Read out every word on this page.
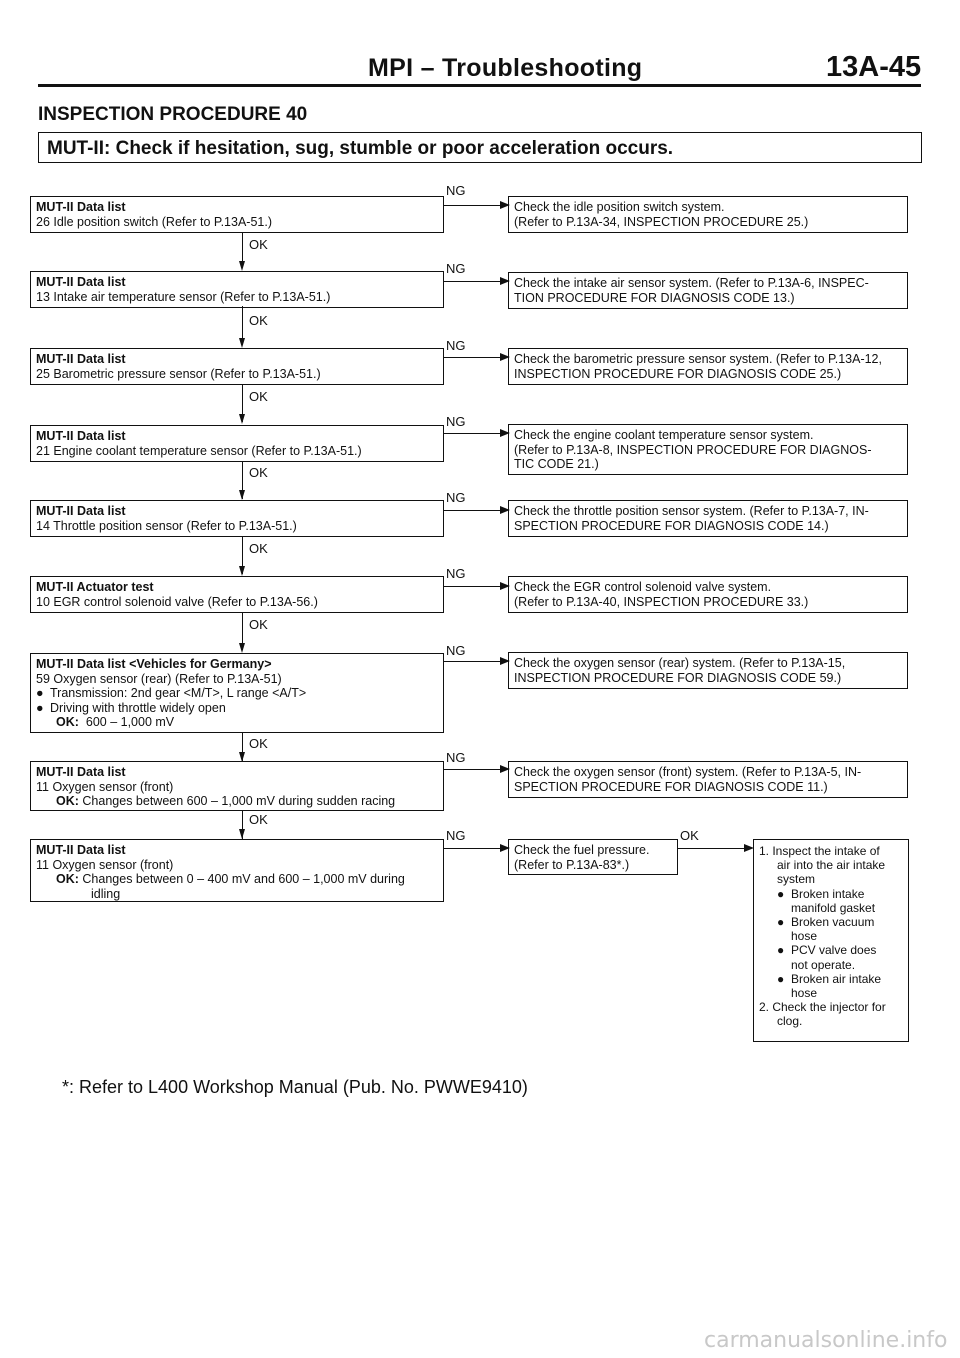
MPI – Troubleshooting	13A-45
INSPECTION PROCEDURE 40
MUT-II: Check if hesitation, sug, stumble or poor acceleration occurs.
OK
OK
OK
OK
OK
OK
OK
OK
MUT-II Data list
26 Idle position switch (Refer to P.13A-51.)
NG
Check the idle position switch system.
(Refer to P.13A-34, INSPECTION PROCEDURE 25.)
MUT-II Data list
13 Intake air temperature sensor (Refer to P.13A-51.)
NG
Check the intake air sensor system. (Refer to P.13A-6, INSPEC-
TION PROCEDURE FOR DIAGNOSIS CODE 13.)
MUT-II Data list
25 Barometric pressure sensor (Refer to P.13A-51.)
NG
Check the barometric pressure sensor system. (Refer to P.13A-12,
INSPECTION PROCEDURE FOR DIAGNOSIS CODE 25.)
MUT-II Data list
21 Engine coolant temperature sensor (Refer to P.13A-51.)
NG
Check the engine coolant temperature sensor system.
(Refer to P.13A-8, INSPECTION PROCEDURE FOR DIAGNOS-
TIC CODE 21.)
MUT-II Data list
14 Throttle position sensor (Refer to P.13A-51.)
NG
Check the throttle position sensor system. (Refer to P.13A-7, IN-
SPECTION PROCEDURE FOR DIAGNOSIS CODE 14.)
MUT-II Actuator test
10 EGR control solenoid valve (Refer to P.13A-56.)
NG
Check the EGR control solenoid valve system.
(Refer to P.13A-40, INSPECTION PROCEDURE 33.)
MUT-II Data list <Vehicles for Germany>
59 Oxygen sensor (rear) (Refer to P.13A-51)
● Transmission: 2nd gear <M/T>, L range <A/T>
● Driving with throttle widely open
OK: 600 – 1,000 mV
NG
Check the oxygen sensor (rear) system. (Refer to P.13A-15,
INSPECTION PROCEDURE FOR DIAGNOSIS CODE 59.)
MUT-II Data list
11 Oxygen sensor (front)
OK: Changes between 600 – 1,000 mV during sudden racing
NG
Check the oxygen sensor (front) system. (Refer to P.13A-5, IN-
SPECTION PROCEDURE FOR DIAGNOSIS CODE 11.)
MUT-II Data list
11 Oxygen sensor (front)
OK: Changes between 0 – 400 mV and 600 – 1,000 mV during
idling
NG
Check the fuel pressure.
(Refer to P.13A-83*.)
OK
1. Inspect the intake of
air into the air intake
system
● Broken intake
manifold gasket
● Broken vacuum
hose
● PCV valve does
not operate.
● Broken air intake
hose
2. Check the injector for
clog.
*: Refer to L400 Workshop Manual (Pub. No. PWWE9410)
carmanualsonline.info
